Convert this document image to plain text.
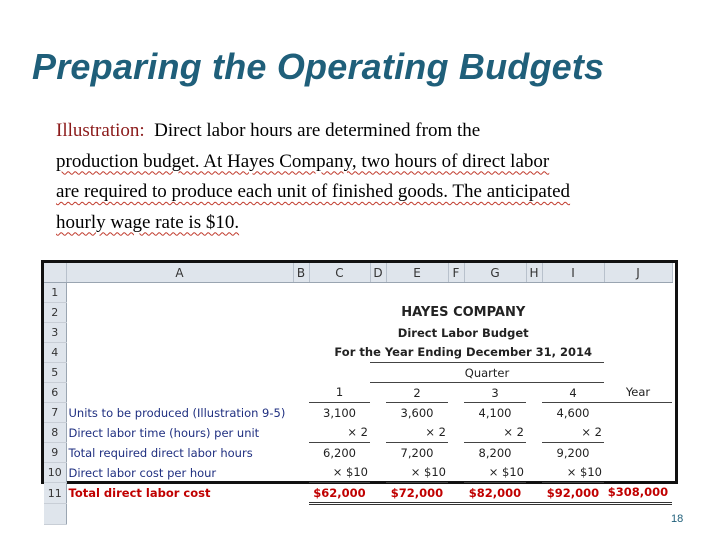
Preparing the Operating Budgets
Illustration: Direct labor hours are determined from the
production budget. At Hayes Company, two hours of direct labor
are required to produce each unit of finished goods. The anticipated
hourly wage rate is $10.
	A	B	C	D	E	F	G	H	I	J
1										
2	HAYES COMPANY									
3	Direct Labor Budget									
4	For the Year Ending December 31, 2014									
5				Quarter						
6			1		2		3		4	Year
7	Units to be produced (Illustration 9-5)		3,100		3,600		4,100		4,600	
8	Direct labor time (hours) per unit		× 2		× 2		× 2		× 2	
9	Total required direct labor hours		6,200		7,200		8,200		9,200	
10	Direct labor cost per hour		× $10		× $10		× $10		× $10	
11	Total direct labor cost		$62,000		$72,000		$82,000		$92,000	$308,000

18
